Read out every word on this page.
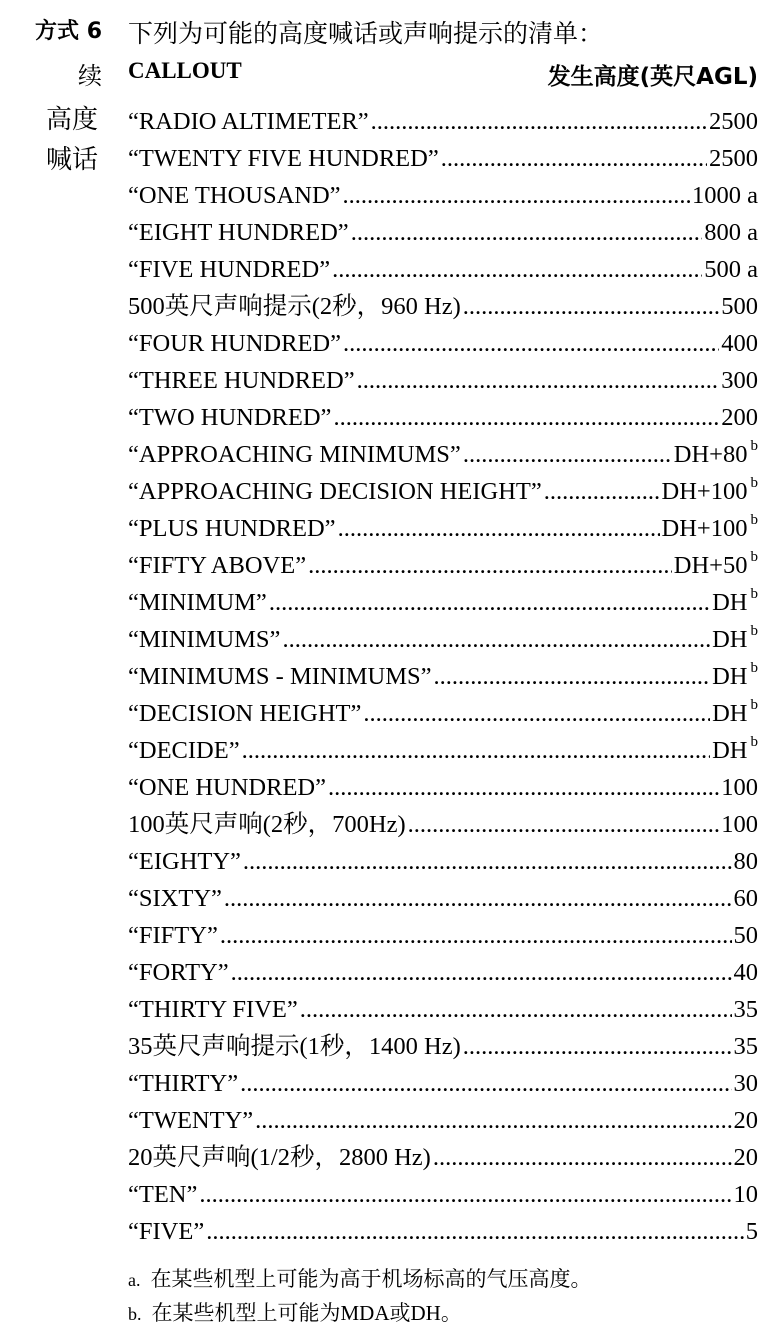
方式 6
续
高度
喊话
下列为可能的高度喊话或声响提示的清单：
CALLOUT	发生高度(英尺AGL)
“RADIO ALTIMETER” .....	2500
“TWENTY FIVE HUNDRED” .....	2500
“ONE THOUSAND” .....	1000 a
“EIGHT HUNDRED” .....	800 a
“FIVE HUNDRED” .....	500 a
500英尺声响提示(2秒，960 Hz) .....	500
“FOUR HUNDRED” .....	400
“THREE HUNDRED” .....	300
“TWO HUNDRED” .....	200
“APPROACHING MINIMUMS” .....	DH+80 $^b$
“APPROACHING DECISION HEIGHT” .....	DH+100 $^b$
“PLUS HUNDRED” .....	DH+100 $^b$
“FIFTY ABOVE” .....	DH+50 $^b$
“MINIMUM” .....	DH $^b$
“MINIMUMS” .....	DH $^b$
“MINIMUMS - MINIMUMS” .....	DH $^b$
“DECISION HEIGHT” .....	DH $^b$
“DECIDE” .....	DH $^b$
“ONE HUNDRED” .....	100
100英尺声响(2秒，700Hz) .....	100
“EIGHTY” .....	80
“SIXTY” .....	60
“FIFTY” .....	50
“FORTY” .....	40
“THIRTY FIVE” .....	35
35英尺声响提示(1秒，1400 Hz) .....	35
“THIRTY” .....	30
“TWENTY” .....	20
20英尺声响(1/2秒，2800 Hz) .....	20
“TEN” .....	10
“FIVE” .....	5
a. 在某些机型上可能为高于机场标高的气压高度。
b. 在某些机型上可能为MDA或DH。
